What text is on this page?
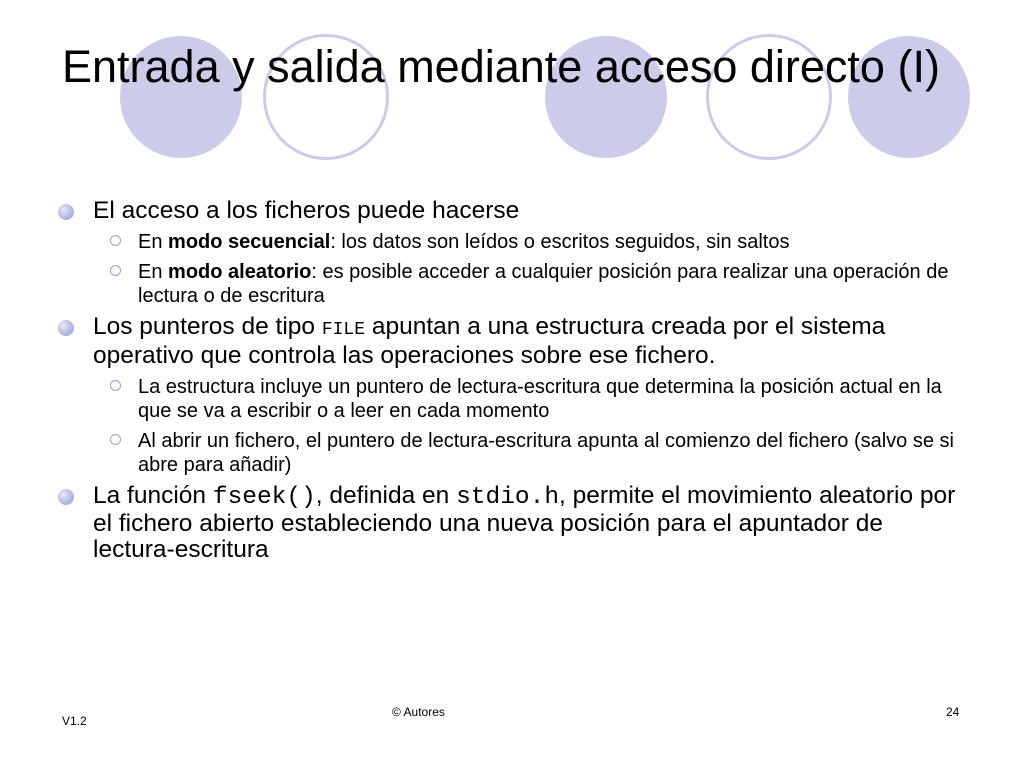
Entrada y salida mediante acceso directo (I)
El acceso a los ficheros puede hacerse
En modo secuencial: los datos son leídos o escritos seguidos, sin saltos
En modo aleatorio: es posible acceder a cualquier posición para realizar una operación de lectura o de escritura
Los punteros de tipo FILE apuntan a una estructura creada por el sistema operativo que controla las operaciones sobre ese fichero.
La estructura incluye un puntero de lectura-escritura que determina la posición actual en la que se va a escribir o a leer en cada momento
Al abrir un fichero, el puntero de lectura-escritura apunta al comienzo del fichero (salvo se si abre para añadir)
La función fseek(), definida en stdio.h, permite el movimiento aleatorio por el fichero abierto estableciendo una nueva posición para el apuntador de lectura-escritura
V1.2
© Autores	24
